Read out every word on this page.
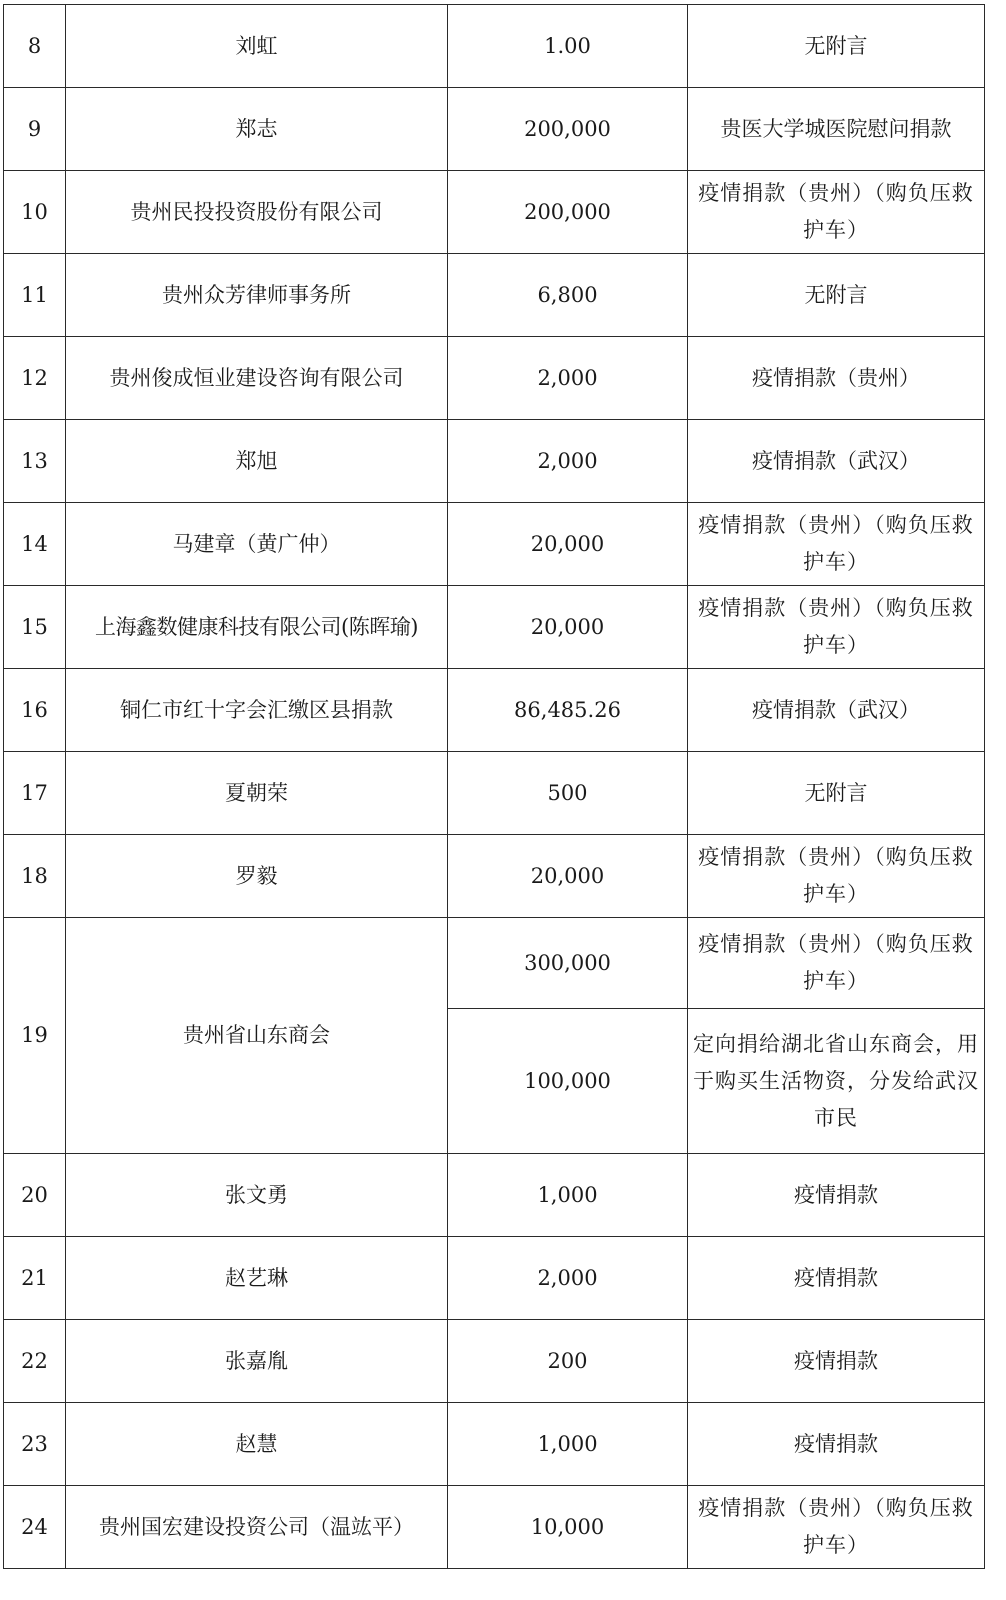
8	刘虹	1.00	无附言
9	郑志	200,000	贵医大学城医院慰问捐款
10	贵州民投投资股份有限公司	200,000	疫情捐款（贵州）（购负压救护车）
11	贵州众芳律师事务所	6,800	无附言
12	贵州俊成恒业建设咨询有限公司	2,000	疫情捐款（贵州）
13	郑旭	2,000	疫情捐款（武汉）
14	马建章（黄广仲）	20,000	疫情捐款（贵州）（购负压救护车）
15	上海鑫数健康科技有限公司(陈晖瑜)	20,000	疫情捐款（贵州）（购负压救护车）
16	铜仁市红十字会汇缴区县捐款	86,485.26	疫情捐款（武汉）
17	夏朝荣	500	无附言
18	罗毅	20,000	疫情捐款（贵州）（购负压救护车）
19	贵州省山东商会	300,000	疫情捐款（贵州）（购负压救护车）
		100,000	定向捐给湖北省山东商会，用于购买生活物资，分发给武汉市民
20	张文勇	1,000	疫情捐款
21	赵艺琳	2,000	疫情捐款
22	张嘉胤	200	疫情捐款
23	赵慧	1,000	疫情捐款
24	贵州国宏建设投资公司（温竑平）	10,000	疫情捐款（贵州）（购负压救护车）
